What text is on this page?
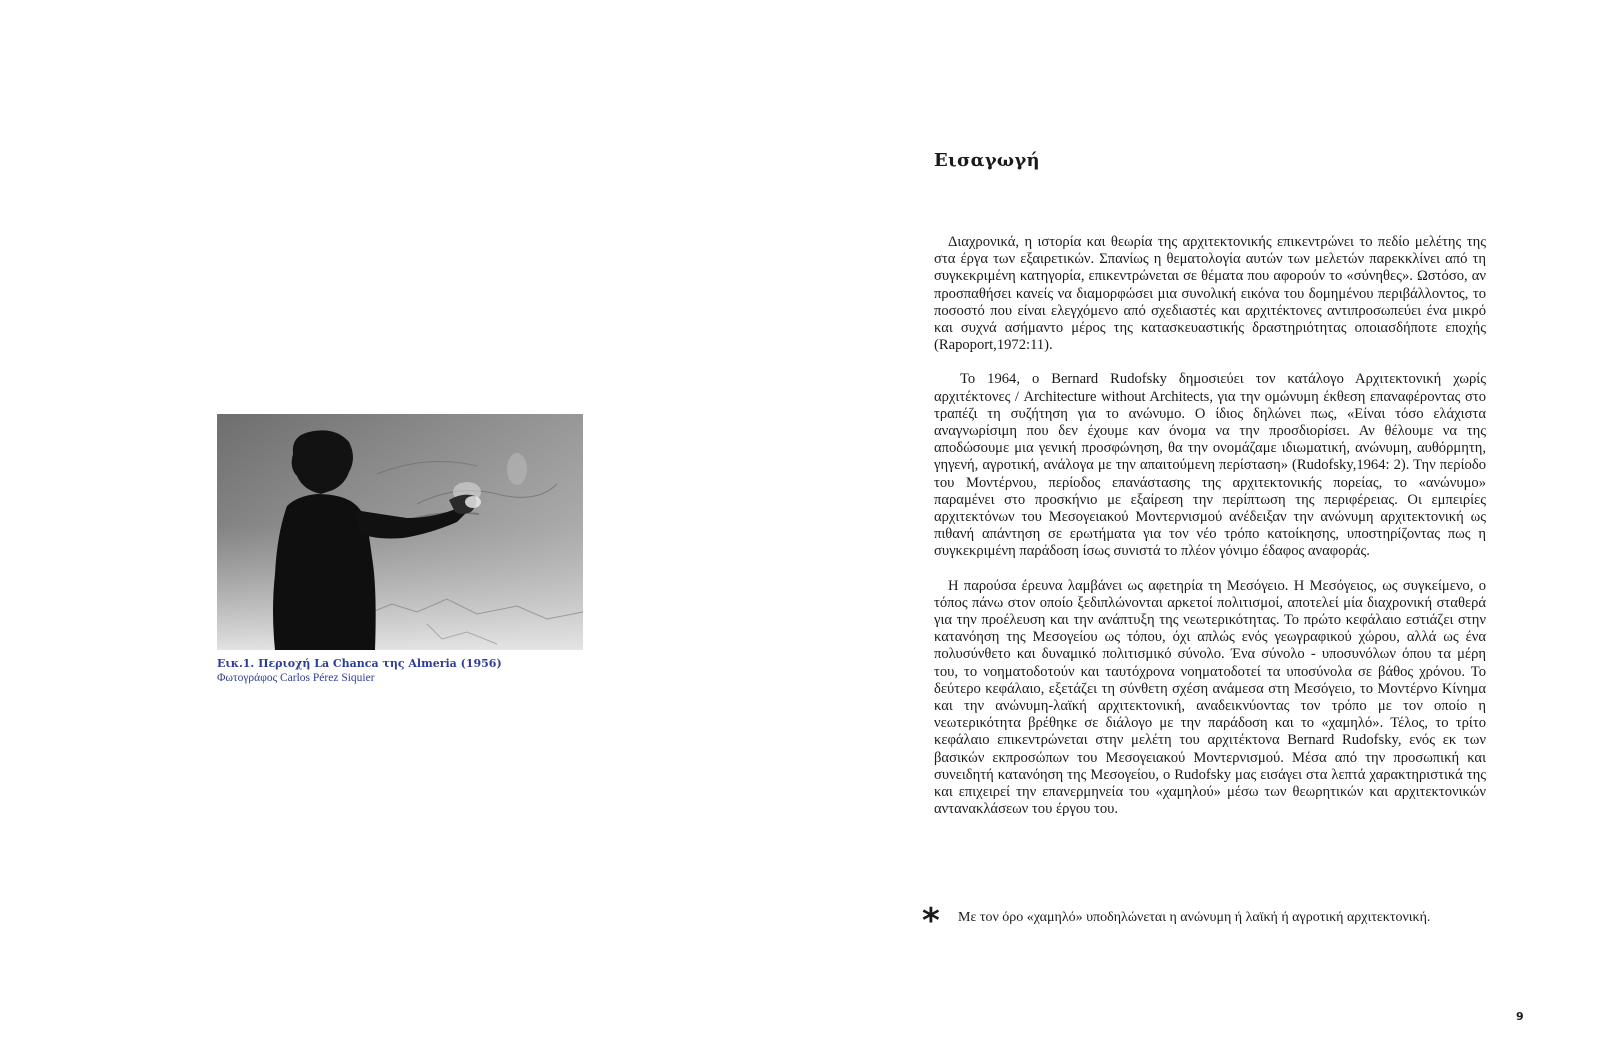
Εικ.1. Περιοχή La Chanca της Almeria (1956)
Φωτογράφος Carlos Pérez Siquier
Εισαγωγή

Διαχρονικά, η ιστορία και θεωρία της αρχιτεκτονικής επικεντρώνει το πεδίο μελέτης της στα έργα των εξαιρετικών. Σπανίως η θεματολογία αυτών των μελετών παρεκκλίνει από τη συγκεκριμένη κατηγορία, επικεντρώνεται σε θέματα που αφορούν το «σύνηθες». Ωστόσο, αν προσπαθήσει κανείς να διαμορφώσει μια συνολική εικόνα του δομημένου περιβάλλοντος, το ποσοστό που είναι ελεγχόμενο από σχεδιαστές και αρχιτέκτονες αντιπροσωπεύει ένα μικρό και συχνά ασήμαντο μέρος της κατασκευαστικής δραστηριότητας οποιασδήποτε εποχής (Rapoport,1972:11).

Το 1964, ο Bernard Rudofsky δημοσιεύει τον κατάλογο Αρχιτεκτονική χωρίς αρχιτέκτονες / Architecture without Architects, για την ομώνυμη έκθεση επαναφέροντας στο τραπέζι τη συζήτηση για το ανώνυμο. Ο ίδιος δηλώνει πως, «Είναι τόσο ελάχιστα αναγνωρίσιμη που δεν έχουμε καν όνομα να την προσδιορίσει. Αν θέλουμε να της αποδώσουμε μια γενική προσφώνηση, θα την ονομάζαμε ιδιωματική, ανώνυμη, αυθόρμητη, γηγενή, αγροτική, ανάλογα με την απαιτούμενη περίσταση» (Rudofsky,1964: 2). Την περίοδο του Μοντέρνου, περίοδος επανάστασης της αρχιτεκτονικής πορείας, το «ανώνυμο» παραμένει στο προσκήνιο με εξαίρεση την περίπτωση της περιφέρειας. Οι εμπειρίες αρχιτεκτόνων του Μεσογειακού Μοντερνισμού ανέδειξαν την ανώνυμη αρχιτεκτονική ως πιθανή απάντηση σε ερωτήματα για τον νέο τρόπο κατοίκησης, υποστηρίζοντας πως η συγκεκριμένη παράδοση ίσως συνιστά το πλέον γόνιμο έδαφος αναφοράς.

Η παρούσα έρευνα λαμβάνει ως αφετηρία τη Μεσόγειο. Η Μεσόγειος, ως συγκείμενο, ο τόπος πάνω στον οποίο ξεδιπλώνονται αρκετοί πολιτισμοί, αποτελεί μία διαχρονική σταθερά για την προέλευση και την ανάπτυξη της νεωτερικότητας. Το πρώτο κεφάλαιο εστιάζει στην κατανόηση της Μεσογείου ως τόπου, όχι απλώς ενός γεωγραφικού χώρου, αλλά ως ένα πολυσύνθετο και δυναμικό πολιτισμικό σύνολο. Ένα σύνολο - υποσυνόλων όπου τα μέρη του, το νοηματοδοτούν και ταυτόχρονα νοηματοδοτεί τα υποσύνολα σε βάθος χρόνου. Το δεύτερο κεφάλαιο, εξετάζει τη σύνθετη σχέση ανάμεσα στη Μεσόγειο, το Μοντέρνο Κίνημα και την ανώνυμη-λαϊκή αρχιτεκτονική, αναδεικνύοντας τον τρόπο με τον οποίο η νεωτερικότητα βρέθηκε σε διάλογο με την παράδοση και το «χαμηλό». Τέλος, το τρίτο κεφάλαιο επικεντρώνεται στην μελέτη του αρχιτέκτονα Bernard Rudofsky, ενός εκ των βασικών εκπροσώπων του Μεσογειακού Μοντερνισμού. Μέσα από την προσωπική και συνειδητή κατανόηση της Μεσογείου, ο Rudofsky μας εισάγει στα λεπτά χαρακτηριστικά της και επιχειρεί την επανερμηνεία του «χαμηλού» μέσω των θεωρητικών και αρχιτεκτονικών αντανακλάσεων του έργου του.

*	Με τον όρο «χαμηλό» υποδηλώνεται η ανώνυμη ή λαϊκή ή αγροτική αρχιτεκτονική.
9
